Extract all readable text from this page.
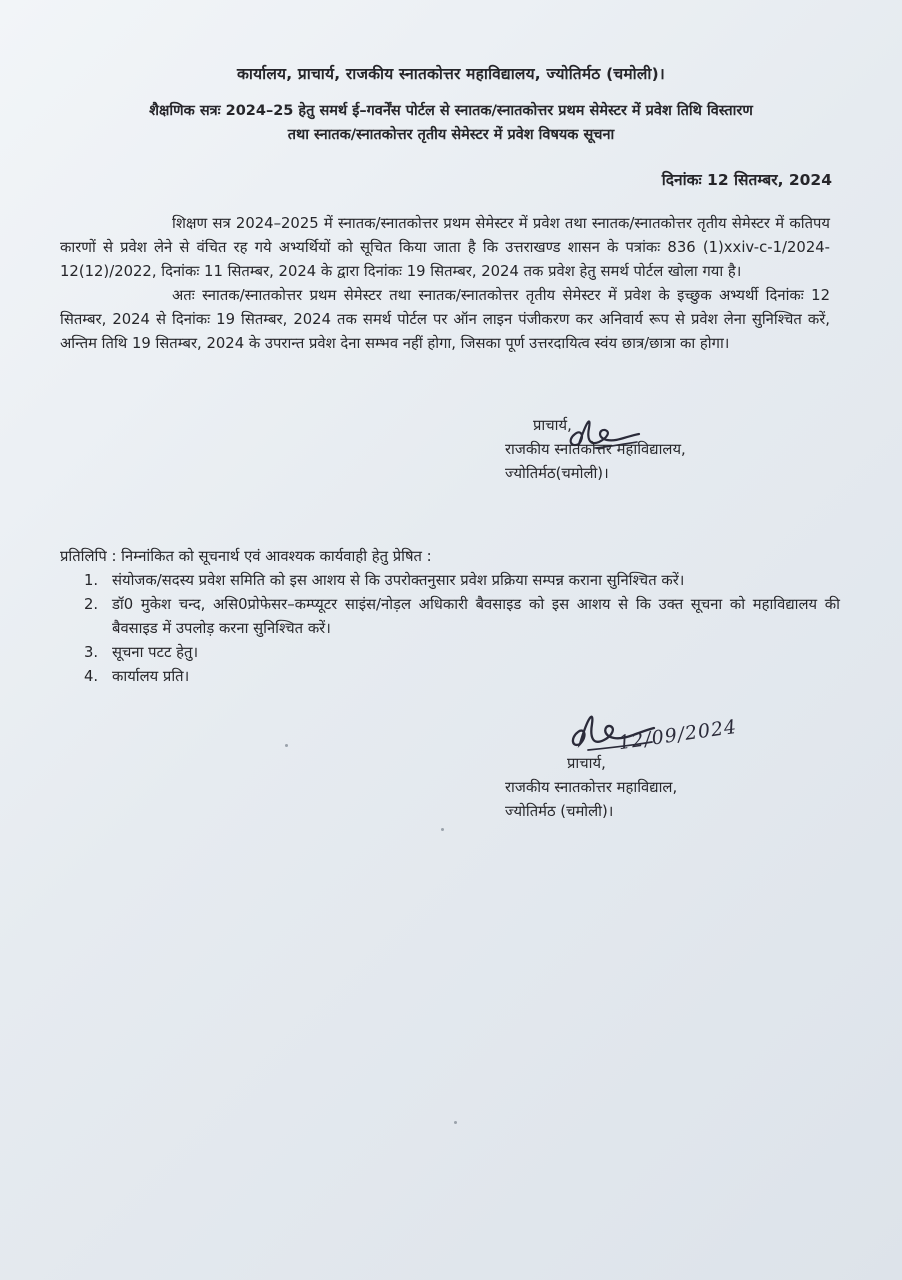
कार्यालय, प्राचार्य, राजकीय स्नातकोत्तर महाविद्यालय, ज्योतिर्मठ (चमोली)।
शैक्षणिक सत्रः 2024–25 हेतु समर्थ ई–गवर्नेंस पोर्टल से स्नातक/स्नातकोत्तर प्रथम सेमेस्टर में प्रवेश तिथि विस्तारण
तथा स्नातक/स्नातकोत्तर तृतीय सेमेस्टर में प्रवेश विषयक सूचना
दिनांकः 12 सितम्बर, 2024

शिक्षण सत्र 2024–2025 में स्नातक/स्नातकोत्तर प्रथम सेमेस्टर में प्रवेश तथा स्नातक/स्नातकोत्तर तृतीय सेमेस्टर में कतिपय कारणों से प्रवेश लेने से वंचित रह गये अभ्यर्थियों को सूचित किया जाता है कि उत्तराखण्ड शासन के पत्रांकः 836 (1)xxiv-c-1/2024-12(12)/2022, दिनांकः 11 सितम्बर, 2024 के द्वारा दिनांकः 19 सितम्बर, 2024 तक प्रवेश हेतु समर्थ पोर्टल खोला गया है।

अतः स्नातक/स्नातकोत्तर प्रथम सेमेस्टर तथा स्नातक/स्नातकोत्तर तृतीय सेमेस्टर में प्रवेश के इच्छुक अभ्यर्थी दिनांकः 12 सितम्बर, 2024 से दिनांकः 19 सितम्बर, 2024 तक समर्थ पोर्टल पर ऑन लाइन पंजीकरण कर अनिवार्य रूप से प्रवेश लेना सुनिश्चित करें, अन्तिम तिथि 19 सितम्बर, 2024 के उपरान्त प्रवेश देना सम्भव नहीं होगा, जिसका पूर्ण उत्तरदायित्व स्वंय छात्र/छात्रा का होगा।

प्राचार्य,
राजकीय स्नातकोत्तर महाविद्यालय,
ज्योतिर्मठ(चमोली)।
प्रतिलिपि : निम्नांकित को सूचनार्थ एवं आवश्यक कार्यवाही हेतु प्रेषित :
1. संयोजक/सदस्य प्रवेश समिति को इस आशय से कि उपरोक्तनुसार प्रवेश प्रक्रिया सम्पन्न कराना सुनिश्चित करें।
2. डॉ0 मुकेश चन्द, असि0प्रोफेसर–कम्प्यूटर साइंस/नोड़ल अधिकारी बैवसाइड को इस आशय से कि उक्त सूचना को महाविद्यालय की बैवसाइड में उपलोड़ करना सुनिश्चित करें।
3. सूचना पटट हेतु।
4. कार्यालय प्रति।
12/09/2024
प्राचार्य,
राजकीय स्नातकोत्तर महाविद्याल,
ज्योतिर्मठ (चमोली)।
